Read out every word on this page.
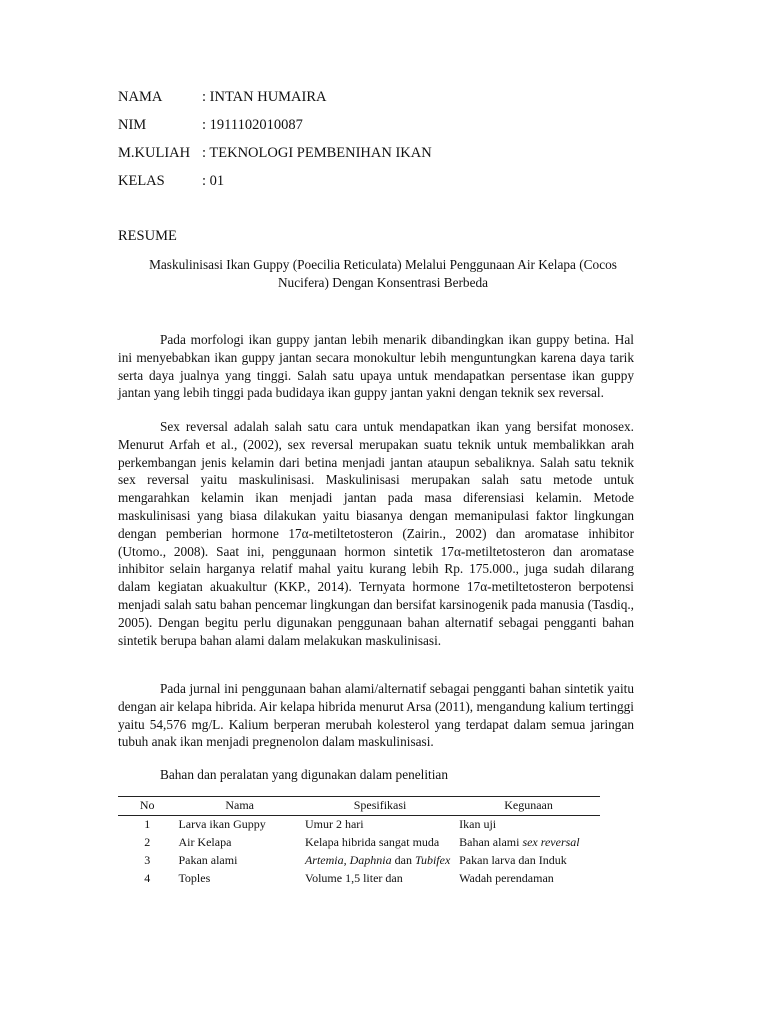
NAMA	: INTAN HUMAIRA
NIM	: 1911102010087
M.KULIAH : TEKNOLOGI PEMBENIHAN IKAN
KELAS	: 01
RESUME
Maskulinisasi Ikan Guppy (Poecilia Reticulata) Melalui Penggunaan Air Kelapa (Cocos
Nucifera) Dengan Konsentrasi Berbeda

Pada morfologi ikan guppy jantan lebih menarik dibandingkan ikan guppy betina. Hal ini menyebabkan ikan guppy jantan secara monokultur lebih menguntungkan karena daya tarik serta daya jualnya yang tinggi. Salah satu upaya untuk mendapatkan persentase ikan guppy jantan yang lebih tinggi pada budidaya ikan guppy jantan yakni dengan teknik sex reversal.

Sex reversal adalah salah satu cara untuk mendapatkan ikan yang bersifat monosex. Menurut Arfah et al., (2002), sex reversal merupakan suatu teknik untuk membalikkan arah perkembangan jenis kelamin dari betina menjadi jantan ataupun sebaliknya. Salah satu teknik sex reversal yaitu maskulinisasi. Maskulinisasi merupakan salah satu metode untuk mengarahkan kelamin ikan menjadi jantan pada masa diferensiasi kelamin. Metode maskulinisasi yang biasa dilakukan yaitu biasanya dengan memanipulasi faktor lingkungan dengan pemberian hormone 17α-metiltetosteron (Zairin., 2002) dan aromatase inhibitor (Utomo., 2008). Saat ini, penggunaan hormon sintetik 17α-metiltetosteron dan aromatase inhibitor selain harganya relatif mahal yaitu kurang lebih Rp. 175.000., juga sudah dilarang dalam kegiatan akuakultur (KKP., 2014). Ternyata hormone 17α-metiltetosteron berpotensi menjadi salah satu bahan pencemar lingkungan dan bersifat karsinogenik pada manusia (Tasdiq., 2005). Dengan begitu perlu digunakan penggunaan bahan alternatif sebagai pengganti bahan sintetik berupa bahan alami dalam melakukan maskulinisasi.

Pada jurnal ini penggunaan bahan alami/alternatif sebagai pengganti bahan sintetik yaitu dengan air kelapa hibrida. Air kelapa hibrida menurut Arsa (2011), mengandung kalium tertinggi yaitu 54,576 mg/L. Kalium berperan merubah kolesterol yang terdapat dalam semua jaringan tubuh anak ikan menjadi pregnenolon dalam maskulinisasi.

Bahan dan peralatan yang digunakan dalam penelitian
No	Nama	Spesifikasi	Kegunaan
1	Larva ikan Guppy	Umur 2 hari	Ikan uji
2	Air Kelapa	Kelapa hibrida sangat muda	Bahan alami sex reversal
3	Pakan alami	Artemia, Daphnia dan Tubifex	Pakan larva dan Induk
4	Toples	Volume 1,5 liter dan	Wadah perendaman
